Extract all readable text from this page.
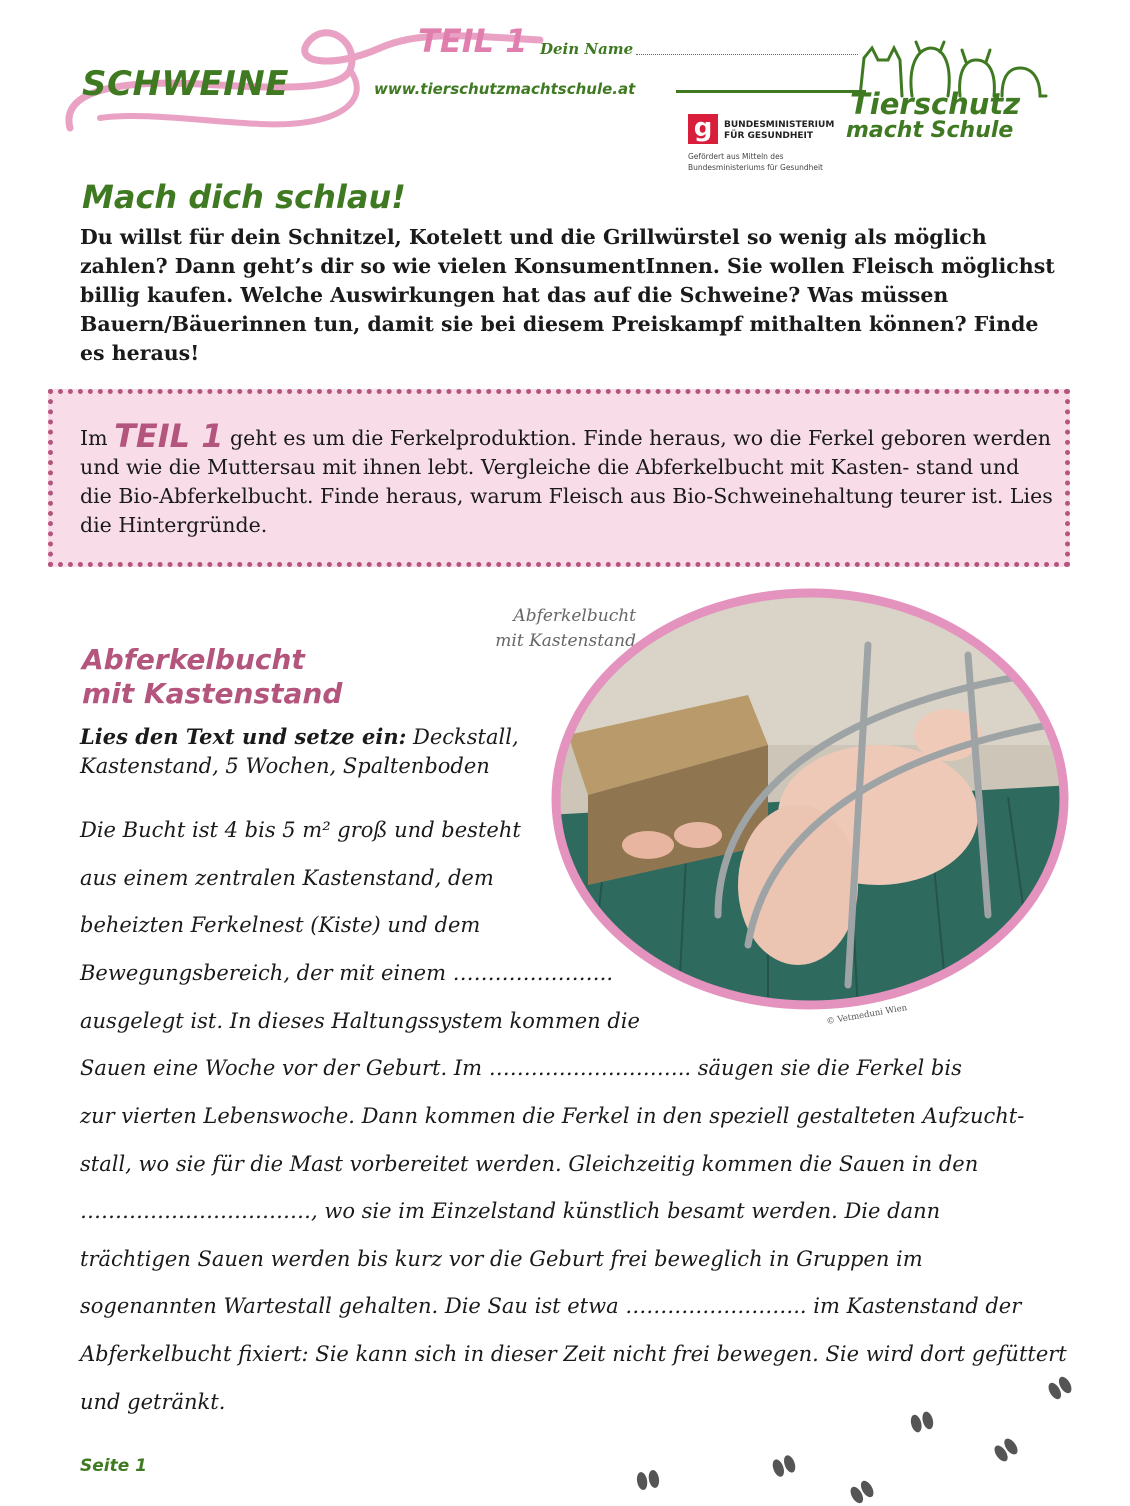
SCHWEINE
TEIL 1 Dein Name
www.tierschutzmachtschule.at	Tierschutz
macht Schule
g	BUNDESMINISTERIUM
FÜR GESUNDHEIT
Gefördert aus Mitteln des
Bundesministeriums für Gesundheit
Mach dich schlau!
Du willst für dein Schnitzel, Kotelett und die Grillwürstel so wenig als möglich zahlen? Dann geht’s dir so wie vielen KonsumentInnen. Sie wollen Fleisch möglichst billig kaufen. Welche Auswirkungen hat das auf die Schweine? Was müssen Bauern/Bäuerinnen tun, damit sie bei diesem Preiskampf mithalten können? Finde es heraus!
Im TEIL 1 geht es um die Ferkelproduktion. Finde heraus, wo die Ferkel geboren werden und wie die Muttersau mit ihnen lebt. Vergleiche die Abferkelbucht mit Kasten- stand und die Bio-Abferkelbucht. Finde heraus, warum Fleisch aus Bio-Schweinehaltung teurer ist. Lies die Hintergründe.
Abferkelbucht
mit Kastenstand
Lies den Text und setze ein: Deckstall, Kastenstand, 5 Wochen, Spaltenboden
Abferkelbucht
mit Kastenstand
© Vetmeduni Wien
Die Bucht ist 4 bis 5 m² groß und besteht
aus einem zentralen Kastenstand, dem
beheizten Ferkelnest (Kiste) und dem
Bewegungsbereich, der mit einem …………………..
ausgelegt ist. In dieses Haltungssystem kommen die
Sauen eine Woche vor der Geburt. Im ……………………….. säugen sie die Ferkel bis
zur vierten Lebenswoche. Dann kommen die Ferkel in den speziell gestalteten Aufzucht-
stall, wo sie für die Mast vorbereitet werden. Gleichzeitig kommen die Sauen in den
……………………………, wo sie im Einzelstand künstlich besamt werden. Die dann
trächtigen Sauen werden bis kurz vor die Geburt frei beweglich in Gruppen im
sogenannten Wartestall gehalten. Die Sau ist etwa …………………….. im Kastenstand der
Abferkelbucht fixiert: Sie kann sich in dieser Zeit nicht frei bewegen. Sie wird dort gefüttert
und getränkt.
Seite 1
